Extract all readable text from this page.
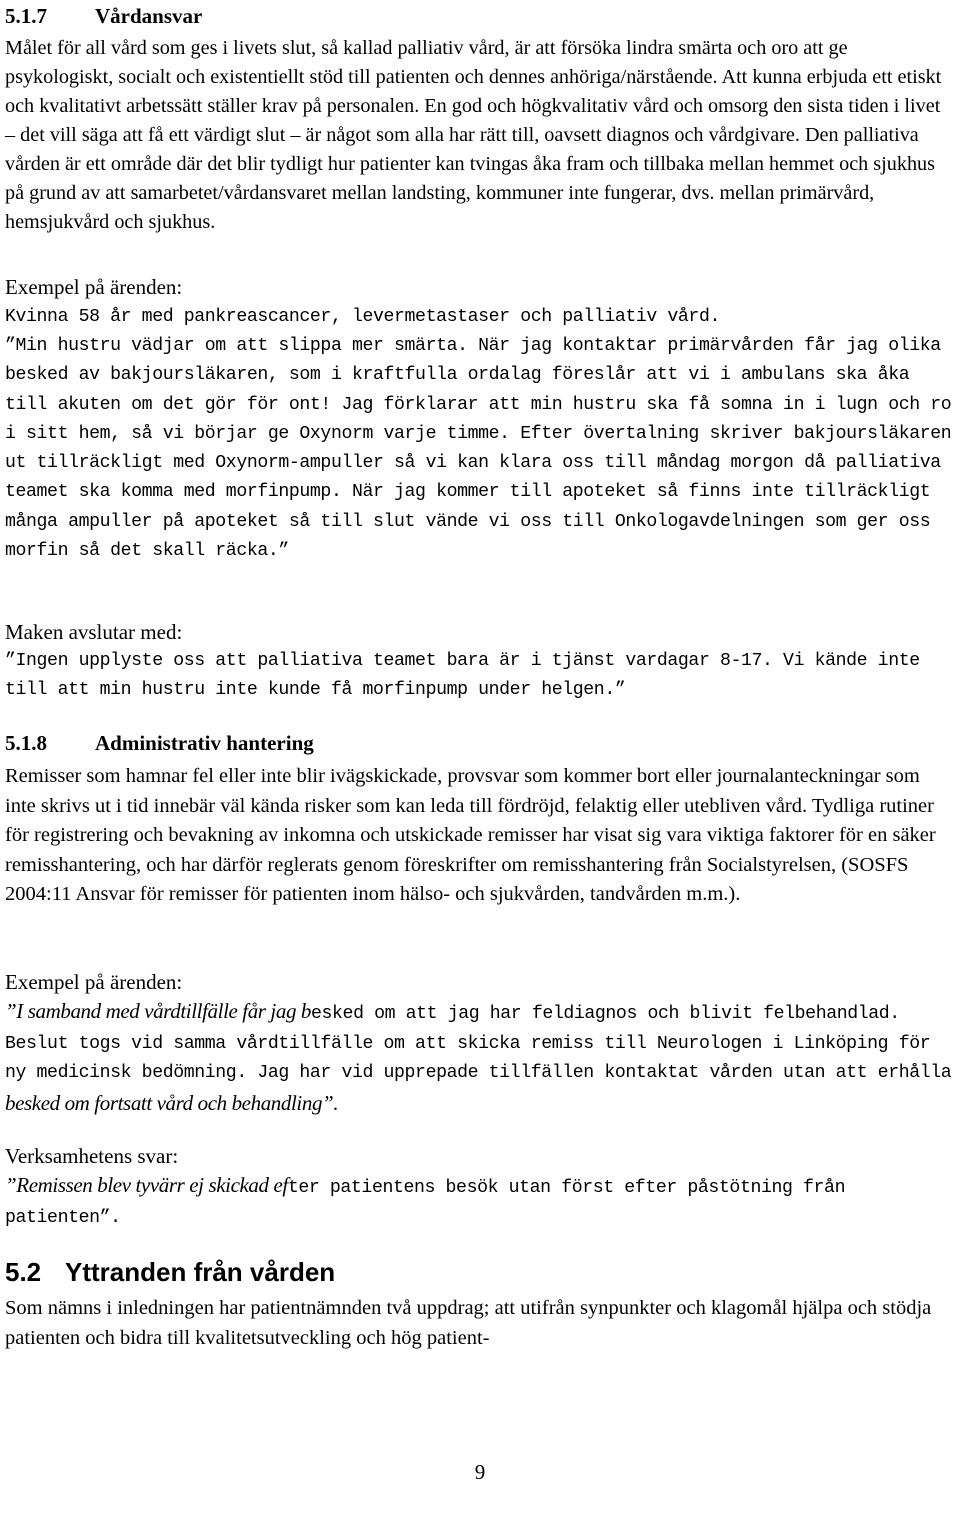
5.1.7 Vårdansvar

Målet för all vård som ges i livets slut, så kallad palliativ vård, är att försöka lindra smärta och oro att ge psykologiskt, socialt och existentiellt stöd till patienten och dennes anhöriga/närstående. Att kunna erbjuda ett etiskt och kvalitativt arbetssätt ställer krav på personalen. En god och högkvalitativ vård och omsorg den sista tiden i livet – det vill säga att få ett värdigt slut – är något som alla har rätt till, oavsett diagnos och vårdgivare. Den palliativa vården är ett område där det blir tydligt hur patienter kan tvingas åka fram och tillbaka mellan hemmet och sjukhus på grund av att samarbetet/vårdansvaret mellan landsting, kommuner inte fungerar, dvs. mellan primärvård, hemsjukvård och sjukhus.

Exempel på ärenden:

Kvinna 58 år med pankreascancer, levermetastaser och palliativ vård.

”Min hustru vädjar om att slippa mer smärta. När jag kontaktar primärvården får jag olika besked av bakjoursläkaren, som i kraftfulla ordalag föreslår att vi i ambulans ska åka till akuten om det gör för ont! Jag förklarar att min hustru ska få somna in i lugn och ro i sitt hem, så vi börjar ge Oxynorm varje timme. Efter övertalning skriver bakjoursläkaren ut tillräckligt med Oxynorm-ampuller så vi kan klara oss till måndag morgon då palliativa teamet ska komma med morfinpump. När jag kommer till apoteket så finns inte tillräckligt många ampuller på apoteket så till slut vände vi oss till Onkologavdelningen som ger oss morfin så det skall räcka.”

Maken avslutar med:

”Ingen upplyste oss att palliativa teamet bara är i tjänst vardagar 8-17. Vi kände inte till att min hustru inte kunde få morfinpump under helgen.”

5.1.8 Administrativ hantering

Remisser som hamnar fel eller inte blir ivägskickade, provsvar som kommer bort eller journalanteckningar som inte skrivs ut i tid innebär väl kända risker som kan leda till fördröjd, felaktig eller utebliven vård. Tydliga rutiner för registrering och bevakning av inkomna och utskickade remisser har visat sig vara viktiga faktorer för en säker remisshantering, och har därför reglerats genom föreskrifter om remisshantering från Socialstyrelsen, (SOSFS 2004:11 Ansvar för remisser för patienten inom hälso- och sjukvården, tandvården m.m.).

Exempel på ärenden:

”I samband med vårdtillfälle får jag besked om att jag har feldiagnos och blivit felbehandlad. Beslut togs vid samma vårdtillfälle om att skicka remiss till Neurologen i Linköping för ny medicinsk bedömning. Jag har vid upprepade tillfällen kontaktat vården utan att erhålla besked om fortsatt vård och behandling”.

Verksamhetens svar:

”Remissen blev tyvärr ej skickad efter patientens besök utan först efter påstötning från patienten”.

5.2 Yttranden från vården

Som nämns i inledningen har patientnämnden två uppdrag; att utifrån synpunkter och klagomål hjälpa och stödja patienten och bidra till kvalitetsutveckling och hög patient-

9
